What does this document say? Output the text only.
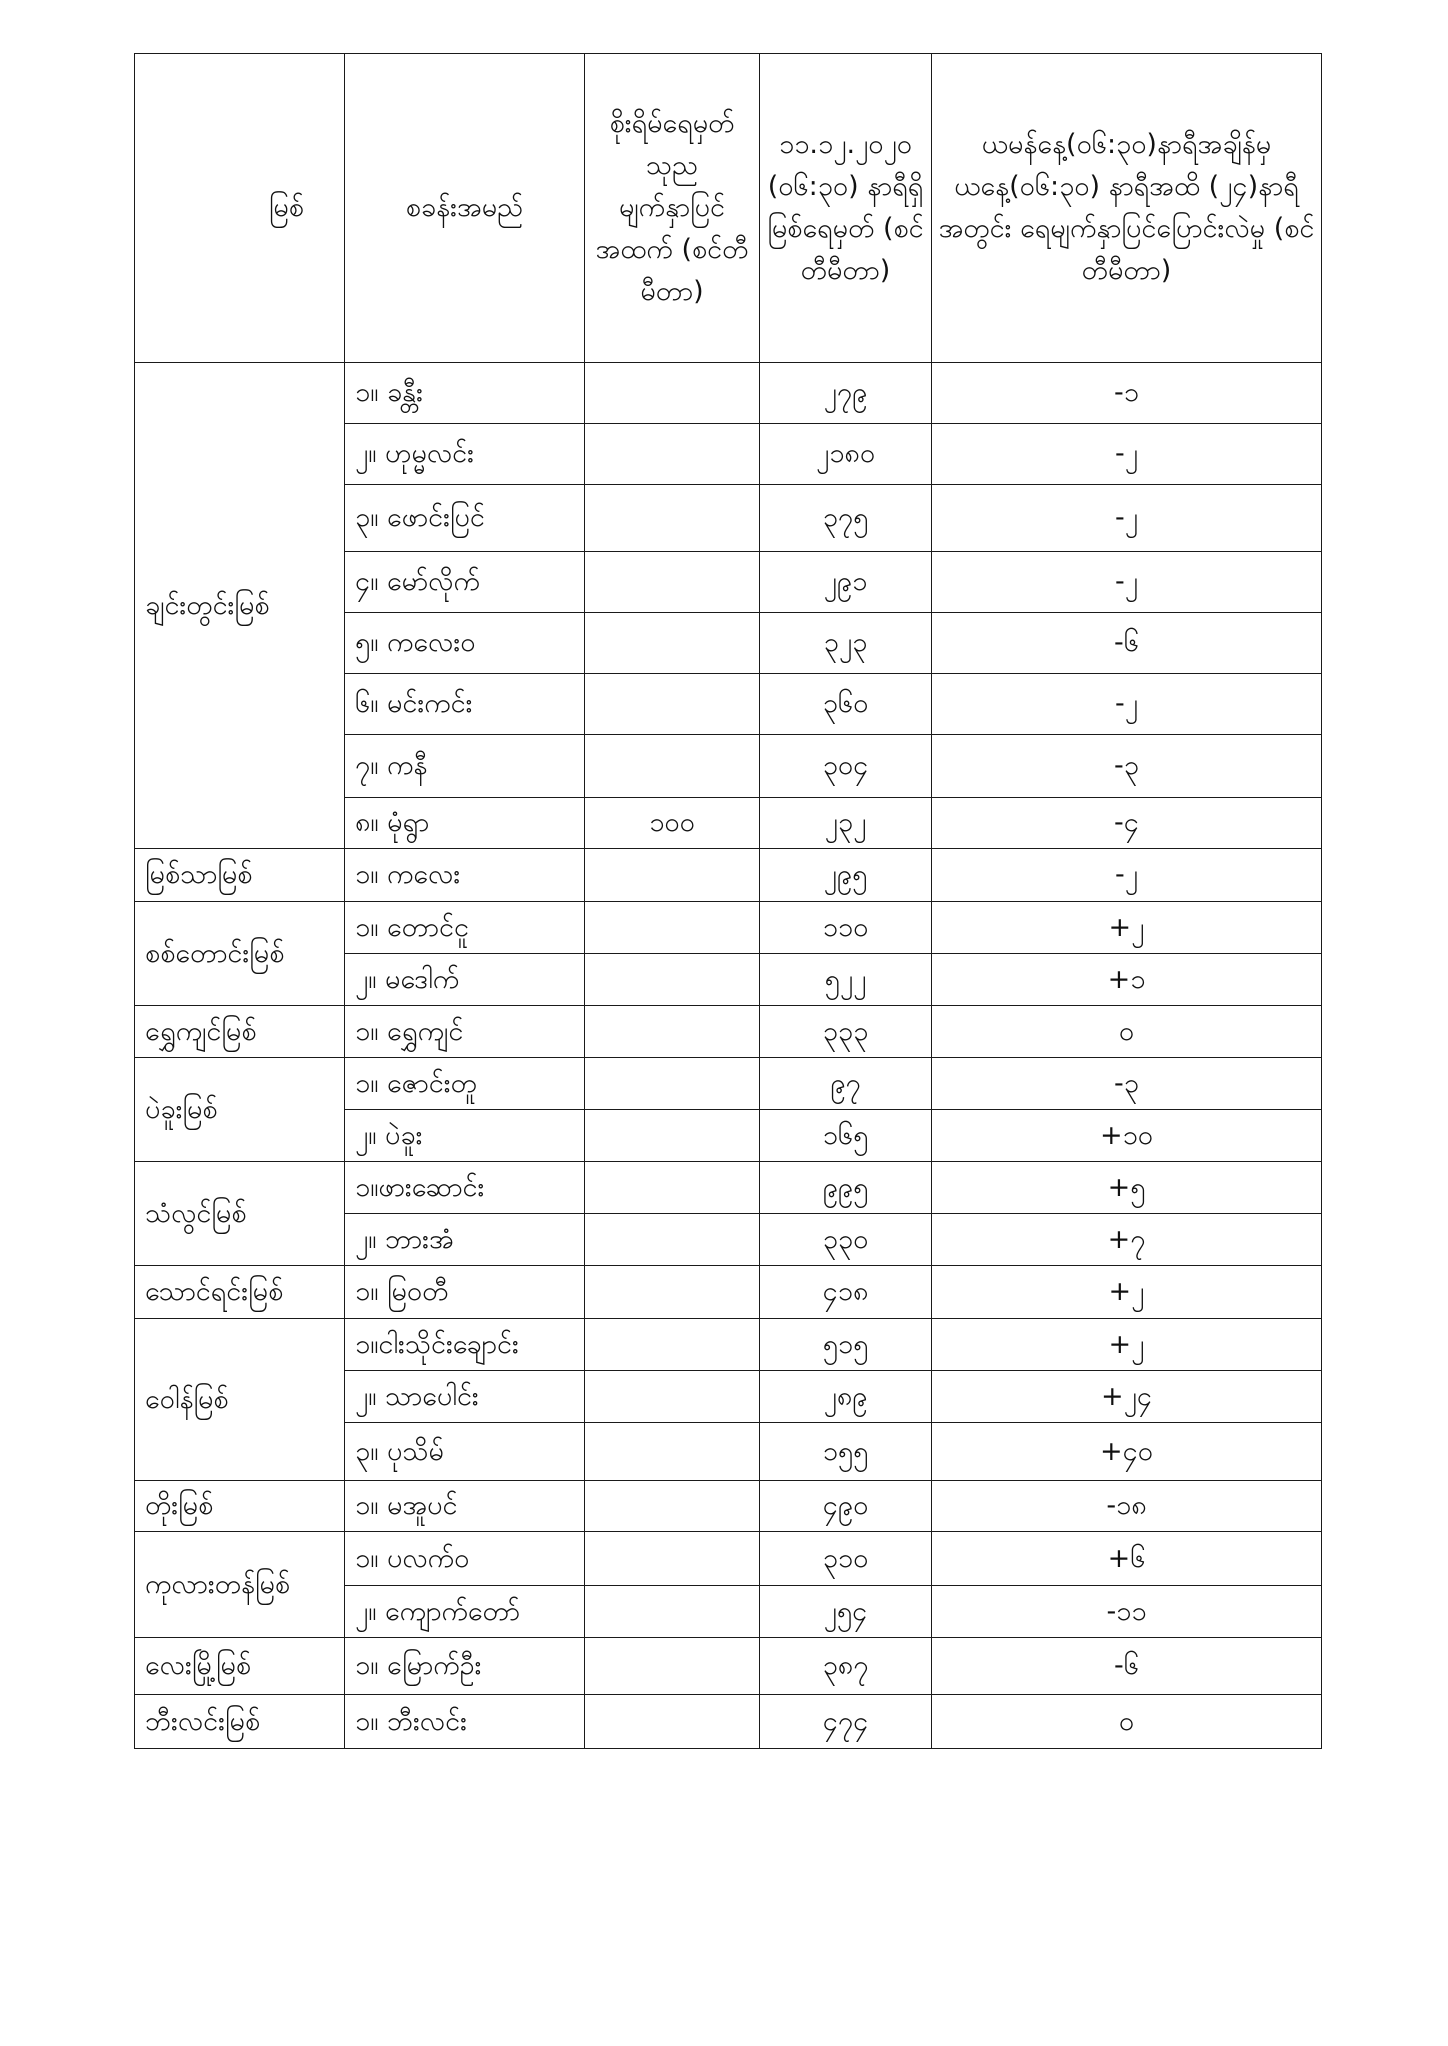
မြစ်	စခန်းအမည်	စိုးရိမ်ရေမှတ် သုည မျက်နှာပြင် အထက် (စင်တီမီတာ)	၁၁.၁၂.၂၀၂၀ (၀၆:၃၀) နာရီရှိ မြစ်ရေမှတ် (စင်တီမီတာ)	ယမန်နေ့(၀၆:၃၀)နာရီအချိန်မှ ယနေ့(၀၆:၃၀) နာရီအထိ (၂၄)နာရီအတွင်း ရေမျက်နှာပြင်ပြောင်းလဲမှု (စင်တီမီတာ)
ချင်းတွင်းမြစ်	၁။ ခန္တီး		၂၇၉	-၁
	၂။ ဟုမ္မလင်း		၂၁၈၀	-၂
	၃။ ဖောင်းပြင်		၃၇၅	-၂
	၄။ မော်လိုက်		၂၉၁	-၂
	၅။ ကလေးဝ		၃၂၃	-၆
	၆။ မင်းကင်း		၃၆၀	-၂
	၇။ ကနီ		၃၀၄	-၃
	၈။ မုံရွာ	၁၀၀	၂၃၂	-၄
မြစ်သာမြစ်	၁။ ကလေး		၂၉၅	-၂
စစ်တောင်းမြစ်	၁။ တောင်ငူ		၁၁၀	+၂
	၂။ မဒေါက်		၅၂၂	+၁
ရွှေကျင်မြစ်	၁။ ရွှေကျင်		၃၃၃	၀
ပဲခူးမြစ်	၁။ ဇောင်းတူ		၉၇	-၃
	၂။ ပဲခူး		၁၆၅	+၁၀
သံလွင်မြစ်	၁။ဖားဆောင်း		၉၉၅	+၅
	၂။ ဘားအံ		၃၃၀	+၇
သောင်ရင်းမြစ်	၁။ မြဝတီ		၄၁၈	+၂
ဝေါန်မြစ်	၁။ငါးသိုင်းချောင်း		၅၁၅	+၂
	၂။ သာပေါင်း		၂၈၉	+၂၄
	၃။ ပုသိမ်		၁၅၅	+၄၀
တိုးမြစ်	၁။ မအူပင်		၄၉၀	-၁၈
ကုလားတန်မြစ်	၁။ ပလက်ဝ		၃၁၀	+၆
	၂။ ကျောက်တော်		၂၅၄	-၁၁
လေးမြို့မြစ်	၁။ မြောက်ဦး		၃၈၇	-၆
ဘီးလင်းမြစ်	၁။ ဘီးလင်း		၄၇၄	၀
